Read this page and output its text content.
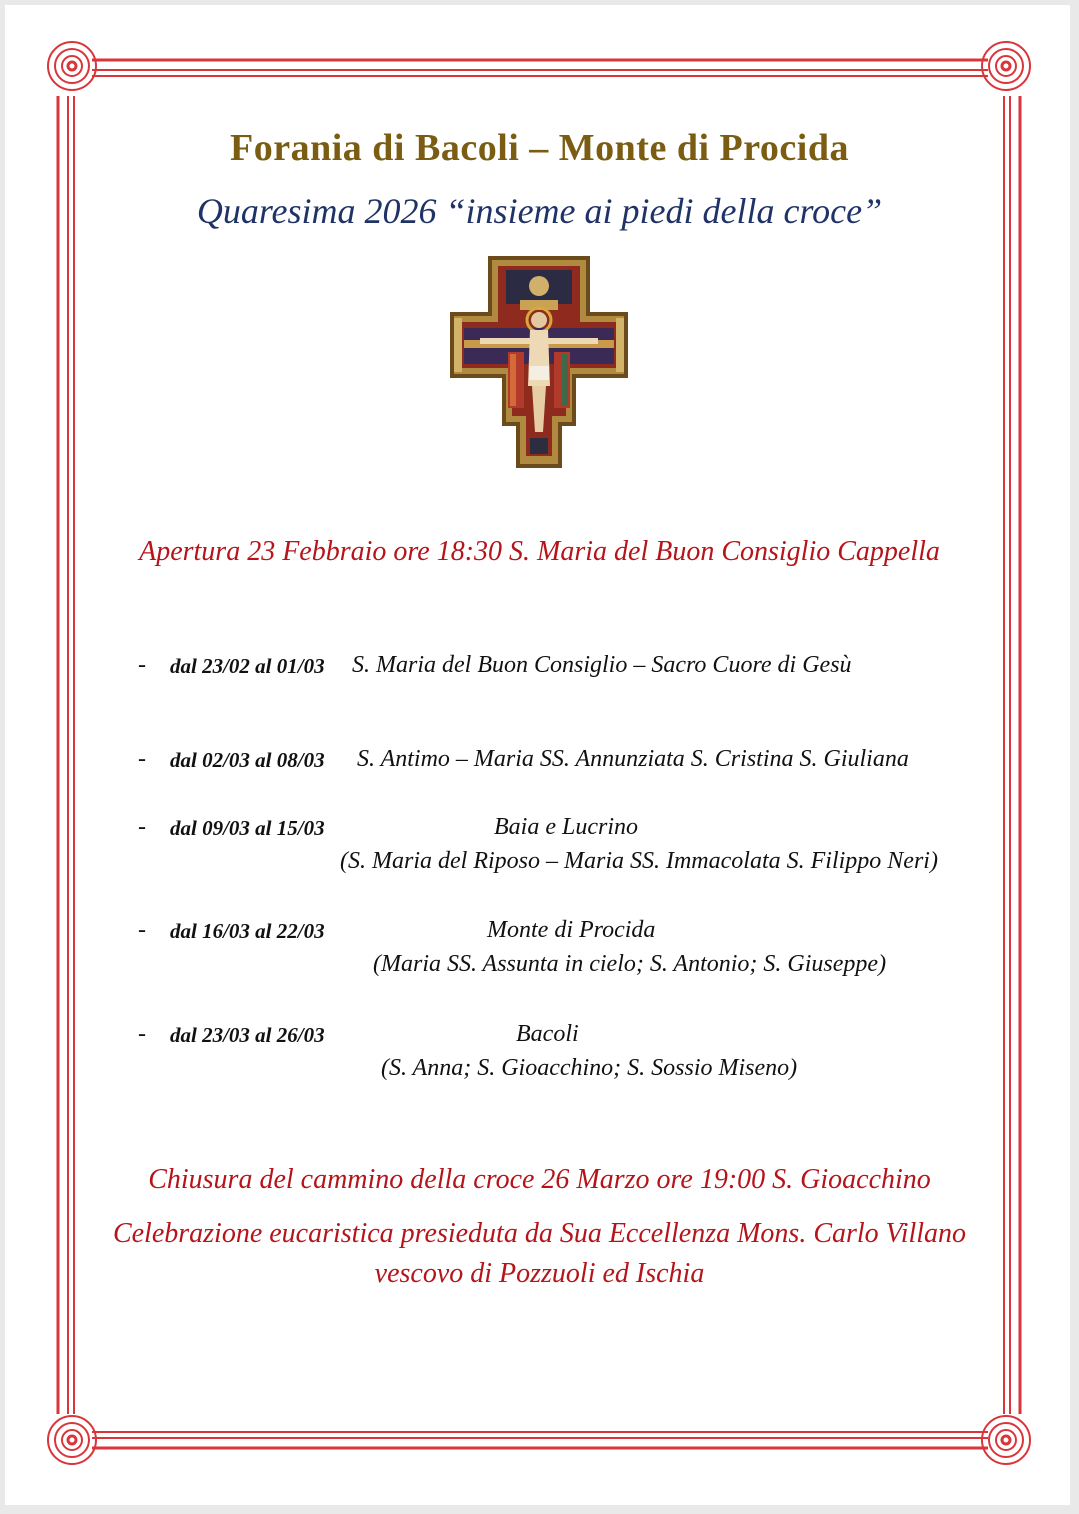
Forania di Bacoli – Monte di Procida
Quaresima 2026 “insieme ai piedi della croce”
Apertura 23 Febbraio ore 18:30 S. Maria del Buon Consiglio Cappella
- dal 23/02 al 01/03 S. Maria del Buon Consiglio – Sacro Cuore di Gesù
- dal 02/03 al 08/03 S. Antimo – Maria SS. Annunziata S. Cristina S. Giuliana
- dal 09/03 al 15/03	Baia e Lucrino
(S. Maria del Riposo – Maria SS. Immacolata S. Filippo Neri)
- dal 16/03 al 22/03	Monte di Procida
(Maria SS. Assunta in cielo; S. Antonio; S. Giuseppe)
- dal 23/03 al 26/03	Bacoli
(S. Anna; S. Gioacchino; S. Sossio Miseno)
Chiusura del cammino della croce 26 Marzo ore 19:00 S. Gioacchino
Celebrazione eucaristica presieduta da Sua Eccellenza Mons. Carlo Villano
vescovo di Pozzuoli ed Ischia
